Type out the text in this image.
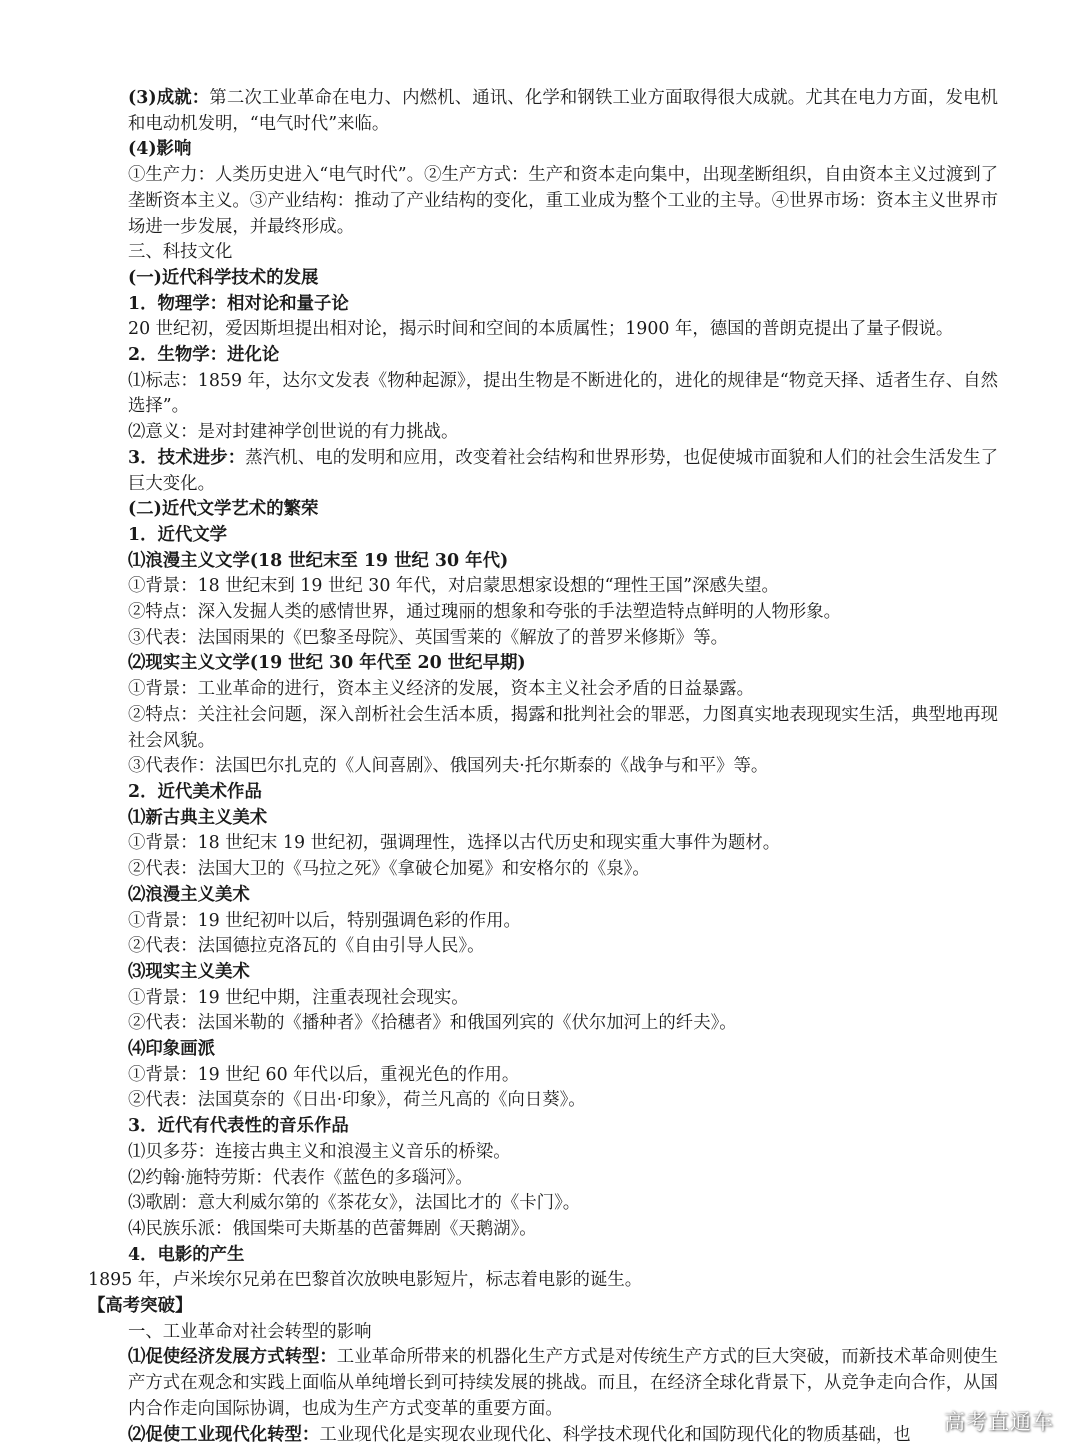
(3)成就：第二次工业革命在电力、内燃机、通讯、化学和钢铁工业方面取得很大成就。尤其在电力方面，发电机和电动机发明，“电气时代”来临。
(4)影响
①生产力：人类历史进入“电气时代”。②生产方式：生产和资本走向集中，出现垄断组织，自由资本主义过渡到了垄断资本主义。③产业结构：推动了产业结构的变化，重工业成为整个工业的主导。④世界市场：资本主义世界市场进一步发展，并最终形成。
三、科技文化
(一)近代科学技术的发展
1．物理学：相对论和量子论
20 世纪初，爱因斯坦提出相对论，揭示时间和空间的本质属性；1900 年，德国的普朗克提出了量子假说。
2．生物学：进化论
⑴标志：1859 年，达尔文发表《物种起源》，提出生物是不断进化的，进化的规律是“物竞天择、适者生存、自然选择”。
⑵意义：是对封建神学创世说的有力挑战。
3．技术进步：蒸汽机、电的发明和应用，改变着社会结构和世界形势，也促使城市面貌和人们的社会生活发生了巨大变化。
(二)近代文学艺术的繁荣
1．近代文学
⑴浪漫主义文学(18 世纪末至 19 世纪 30 年代)
①背景：18 世纪末到 19 世纪 30 年代，对启蒙思想家设想的“理性王国”深感失望。
②特点：深入发掘人类的感情世界，通过瑰丽的想象和夸张的手法塑造特点鲜明的人物形象。
③代表：法国雨果的《巴黎圣母院》、英国雪莱的《解放了的普罗米修斯》等。
⑵现实主义文学(19 世纪 30 年代至 20 世纪早期)
①背景：工业革命的进行，资本主义经济的发展，资本主义社会矛盾的日益暴露。
②特点：关注社会问题，深入剖析社会生活本质，揭露和批判社会的罪恶，力图真实地表现现实生活，典型地再现社会风貌。
③代表作：法国巴尔扎克的《人间喜剧》、俄国列夫·托尔斯泰的《战争与和平》等。
2．近代美术作品
⑴新古典主义美术
①背景：18 世纪末 19 世纪初，强调理性，选择以古代历史和现实重大事件为题材。
②代表：法国大卫的《马拉之死》《拿破仑加冕》和安格尔的《泉》。
⑵浪漫主义美术
①背景：19 世纪初叶以后，特别强调色彩的作用。
②代表：法国德拉克洛瓦的《自由引导人民》。
⑶现实主义美术
①背景：19 世纪中期，注重表现社会现实。
②代表：法国米勒的《播种者》《拾穗者》和俄国列宾的《伏尔加河上的纤夫》。
⑷印象画派
①背景：19 世纪 60 年代以后，重视光色的作用。
②代表：法国莫奈的《日出·印象》，荷兰凡高的《向日葵》。
3．近代有代表性的音乐作品
⑴贝多芬：连接古典主义和浪漫主义音乐的桥梁。
⑵约翰·施特劳斯：代表作《蓝色的多瑙河》。
⑶歌剧：意大利威尔第的《茶花女》，法国比才的《卡门》。
⑷民族乐派：俄国柴可夫斯基的芭蕾舞剧《天鹅湖》。
4．电影的产生
1895 年，卢米埃尔兄弟在巴黎首次放映电影短片，标志着电影的诞生。
【高考突破】
一、工业革命对社会转型的影响
⑴促使经济发展方式转型：工业革命所带来的机器化生产方式是对传统生产方式的巨大突破，而新技术革命则使生产方式在观念和实践上面临从单纯增长到可持续发展的挑战。而且，在经济全球化背景下，从竞争走向合作，从国内合作走向国际协调，也成为生产方式变革的重要方面。
⑵促使工业现代化转型：工业现代化是实现农业现代化、科学技术现代化和国防现代化的物质基础，也
高考直通车
